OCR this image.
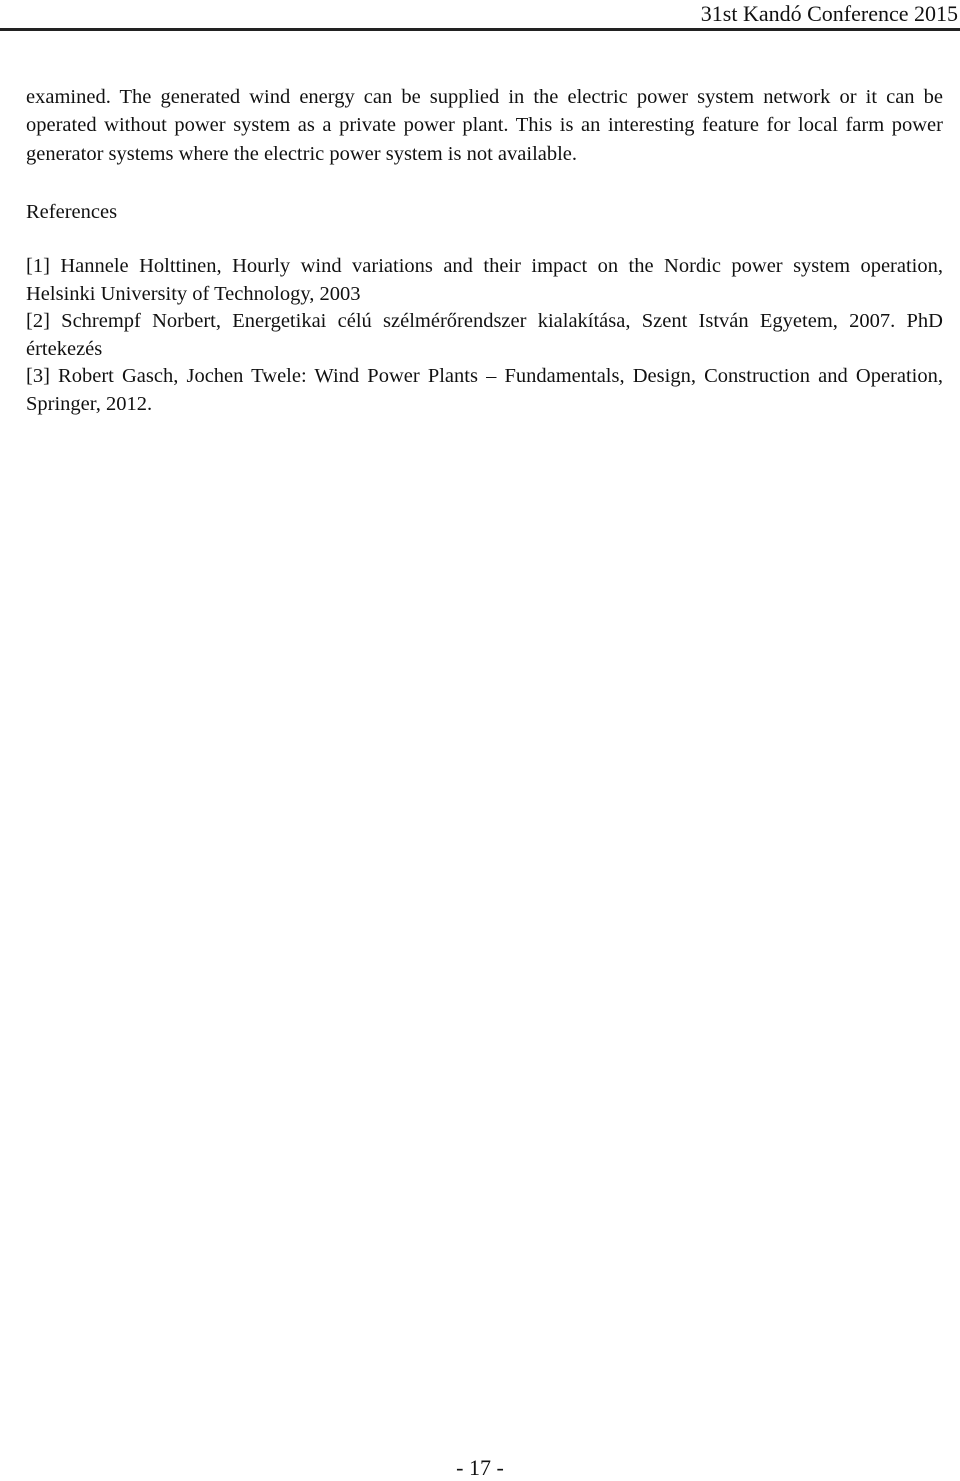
31st Kandó Conference 2015

examined. The generated wind energy can be supplied in the electric power system network or it can be operated without power system as a private power plant. This is an interesting feature for local farm power generator systems where the electric power system is not available.

References
[1] Hannele Holttinen, Hourly wind variations and their impact on the Nordic power system operation, Helsinki University of Technology, 2003
[2] Schrempf Norbert, Energetikai célú szélmérőrendszer kialakítása, Szent István Egyetem, 2007. PhD értekezés
[3] Robert Gasch, Jochen Twele: Wind Power Plants – Fundamentals, Design, Construction and Operation, Springer, 2012.
- 17 -
